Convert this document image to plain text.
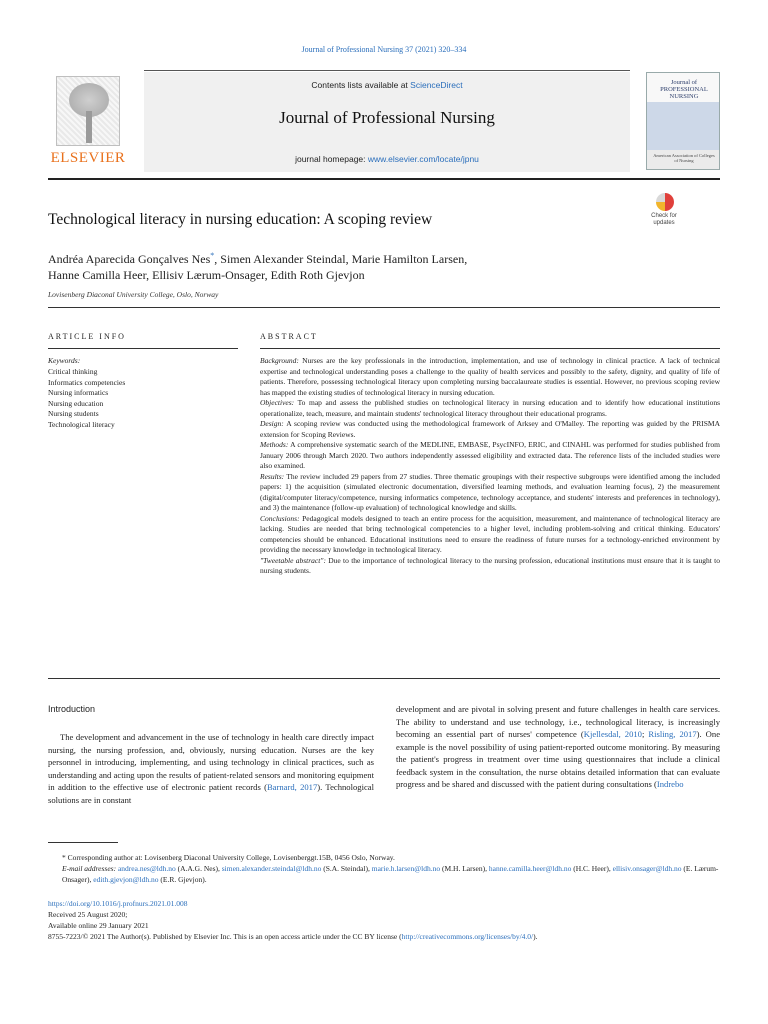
Journal of Professional Nursing 37 (2021) 320–334
ELSEVIER
Contents lists available at ScienceDirect
Journal of Professional Nursing
journal homepage: www.elsevier.com/locate/jpnu
Journal of PROFESSIONAL NURSING
American Association of Colleges of Nursing
Technological literacy in nursing education: A scoping review	Check for updates
Andréa Aparecida Gonçalves Nes*, Simen Alexander Steindal, Marie Hamilton Larsen,
Hanne Camilla Heer, Ellisiv Lærum-Onsager, Edith Roth Gjevjon
Lovisenberg Diaconal University College, Oslo, Norway
ARTICLE INFO	ABSTRACT
Keywords:
Critical thinking
Informatics competencies
Nursing informatics
Nursing education
Nursing students
Technological literacy

Background: Nurses are the key professionals in the introduction, implementation, and use of technology in clinical practice. A lack of technical expertise and technological understanding poses a challenge to the quality of health services and possibly to the safety, dignity, and quality of life of patients. Therefore, possessing technological literacy upon completing nursing baccalaureate studies is essential. However, no previous scoping review has mapped the existing studies of technological literacy in nursing education.

Objectives: To map and assess the published studies on technological literacy in nursing education and to identify how educational institutions operationalize, teach, measure, and maintain students' technological literacy throughout their educational programs.

Design: A scoping review was conducted using the methodological framework of Arksey and O'Malley. The reporting was guided by the PRISMA extension for Scoping Reviews.

Methods: A comprehensive systematic search of the MEDLINE, EMBASE, PsycINFO, ERIC, and CINAHL was performed for studies published from January 2006 through March 2020. Two authors independently assessed eligibility and extracted data. The reference lists of the included studies were also examined.

Results: The review included 29 papers from 27 studies. Three thematic groupings with their respective subgroups were identified among the included papers: 1) the acquisition (simulated electronic documentation, diversified learning methods, and evaluation learning focus), 2) the measurement (digital/computer literacy/competence, nursing informatics competence, technology acceptance, and students' interests and preferences in technology), and 3) the maintenance (follow-up evaluation) of technological knowledge and skills.

Conclusions: Pedagogical models designed to teach an entire process for the acquisition, measurement, and maintenance of technological literacy are lacking. Studies are needed that bring technological competencies to a higher level, including problem-solving and critical thinking. Educators' competencies should be enhanced. Educational institutions need to ensure the readiness of future nurses for a technology-enriched environment by providing the necessary knowledge in technological literacy.

"Tweetable abstract": Due to the importance of technological literacy to the nursing profession, educational institutions must ensure that it is taught to nursing students.

Introduction
The development and advancement in the use of technology in health care directly impact nursing, the nursing profession, and, obviously, nursing education. Nurses are the key personnel in introducing, implementing, and using technology in clinical practices, such as understanding and acting upon the results of patient-related sensors and monitoring equipment in addition to the effective use of electronic patient records (Barnard, 2017). Technological solutions are in constant
development and are pivotal in solving present and future challenges in health care services. The ability to understand and use technology, i.e., technological literacy, is increasingly becoming an essential part of nurses' competence (Kjellesdal, 2010; Risling, 2017). One example is the novel possibility of using patient-reported outcome monitoring. By measuring the patient's progress in treatment over time using questionnaires that include a clinical feedback system in the consultation, the nurse obtains detailed information that can evaluate progress and be shared and discussed with the patient during consultations (Indrebo

* Corresponding author at: Lovisenberg Diaconal University College, Lovisenberggt.15B, 0456 Oslo, Norway.

E-mail addresses: andrea.nes@ldh.no (A.A.G. Nes), simen.alexander.steindal@ldh.no (S.A. Steindal), marie.h.larsen@ldh.no (M.H. Larsen), hanne.camilla.heer@ldh.no (H.C. Heer), ellisiv.onsager@ldh.no (E. Lærum-Onsager), edith.gjevjon@ldh.no (E.R. Gjevjon).

https://doi.org/10.1016/j.profnurs.2021.01.008
Received 25 August 2020;
Available online 29 January 2021
8755-7223/© 2021 The Author(s). Published by Elsevier Inc. This is an open access article under the CC BY license (http://creativecommons.org/licenses/by/4.0/).
